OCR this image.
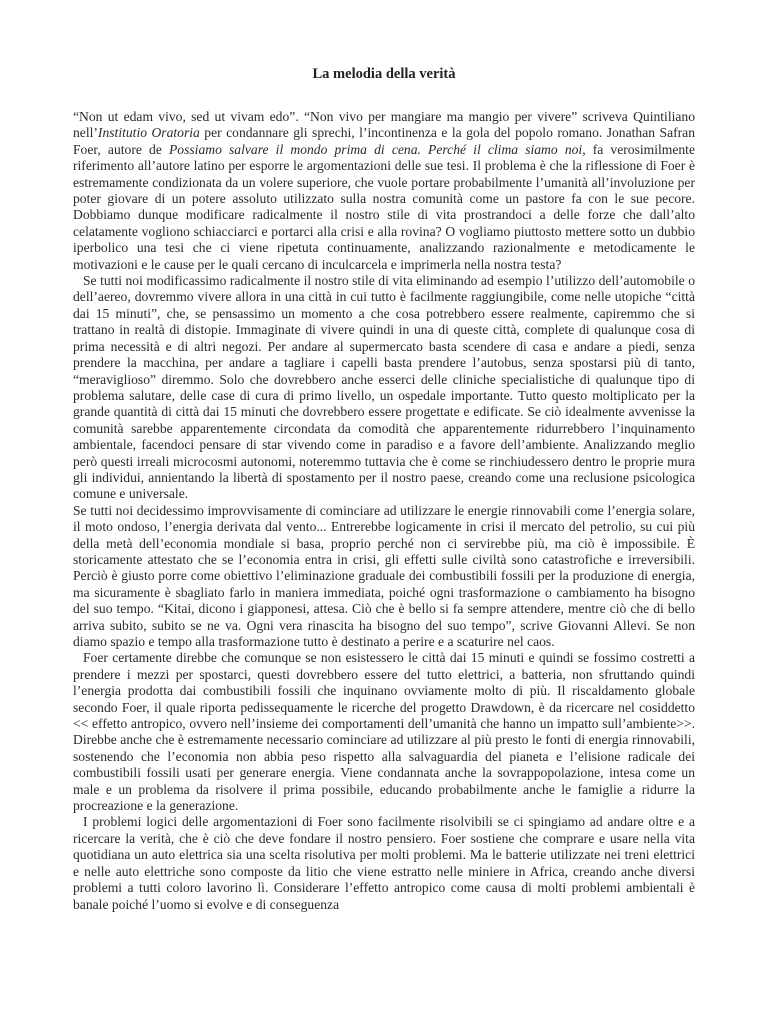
La melodia della verità

“Non ut edam vivo, sed ut vivam edo”. “Non vivo per mangiare ma mangio per vivere” scriveva Quintiliano nell’Institutio Oratoria per condannare gli sprechi, l’incontinenza e la gola del popolo romano. Jonathan Safran Foer, autore de Possiamo salvare il mondo prima di cena. Perché il clima siamo noi, fa verosimilmente riferimento all’autore latino per esporre le argomentazioni delle sue tesi. Il problema è che la riflessione di Foer è estremamente condizionata da un volere superiore, che vuole portare probabilmente l’umanità all’involuzione per poter giovare di un potere assoluto utilizzato sulla nostra comunità come un pastore fa con le sue pecore. Dobbiamo dunque modificare radicalmente il nostro stile di vita prostrandoci a delle forze che dall’alto celatamente vogliono schiacciarci e portarci alla crisi e alla rovina? O vogliamo piuttosto mettere sotto un dubbio iperbolico una tesi che ci viene ripetuta continuamente, analizzando razionalmente e metodicamente le motivazioni e le cause per le quali cercano di inculcarcela e imprimerla nella nostra testa?

Se tutti noi modificassimo radicalmente il nostro stile di vita eliminando ad esempio l’utilizzo dell’automobile o dell’aereo, dovremmo vivere allora in una città in cui tutto è facilmente raggiungibile, come nelle utopiche “città dai 15 minuti”, che, se pensassimo un momento a che cosa potrebbero essere realmente, capiremmo che si trattano in realtà di distopie. Immaginate di vivere quindi in una di queste città, complete di qualunque cosa di prima necessità e di altri negozi. Per andare al supermercato basta scendere di casa e andare a piedi, senza prendere la macchina, per andare a tagliare i capelli basta prendere l’autobus, senza spostarsi più di tanto, “meraviglioso” diremmo. Solo che dovrebbero anche esserci delle cliniche specialistiche di qualunque tipo di problema salutare, delle case di cura di primo livello, un ospedale importante. Tutto questo moltiplicato per la grande quantità di città dai 15 minuti che dovrebbero essere progettate e edificate. Se ciò idealmente avvenisse la comunità sarebbe apparentemente circondata da comodità che apparentemente ridurrebbero l’inquinamento ambientale, facendoci pensare di star vivendo come in paradiso e a favore dell’ambiente. Analizzando meglio però questi irreali microcosmi autonomi, noteremmo tuttavia che è come se rinchiudessero dentro le proprie mura gli individui, annientando la libertà di spostamento per il nostro paese, creando come una reclusione psicologica comune e universale.

Se tutti noi decidessimo improvvisamente di cominciare ad utilizzare le energie rinnovabili come l’energia solare, il moto ondoso, l’energia derivata dal vento... Entrerebbe logicamente in crisi il mercato del petrolio, su cui più della metà dell’economia mondiale si basa, proprio perché non ci servirebbe più, ma ciò è impossibile. È storicamente attestato che se l’economia entra in crisi, gli effetti sulle civiltà sono catastrofiche e irreversibili. Perciò è giusto porre come obiettivo l’eliminazione graduale dei combustibili fossili per la produzione di energia, ma sicuramente è sbagliato farlo in maniera immediata, poiché ogni trasformazione o cambiamento ha bisogno del suo tempo. “Kitai, dicono i giapponesi, attesa. Ciò che è bello si fa sempre attendere, mentre ciò che di bello arriva subito, subito se ne va. Ogni vera rinascita ha bisogno del suo tempo”, scrive Giovanni Allevi. Se non diamo spazio e tempo alla trasformazione tutto è destinato a perire e a scaturire nel caos.

Foer certamente direbbe che comunque se non esistessero le città dai 15 minuti e quindi se fossimo costretti a prendere i mezzi per spostarci, questi dovrebbero essere del tutto elettrici, a batteria, non sfruttando quindi l’energia prodotta dai combustibili fossili che inquinano ovviamente molto di più. Il riscaldamento globale secondo Foer, il quale riporta pedissequamente le ricerche del progetto Drawdown, è da ricercare nel cosiddetto << effetto antropico, ovvero nell’insieme dei comportamenti dell’umanità che hanno un impatto sull’ambiente>>. Direbbe anche che è estremamente necessario cominciare ad utilizzare al più presto le fonti di energia rinnovabili, sostenendo che l’economia non abbia peso rispetto alla salvaguardia del pianeta e l’elisione radicale dei combustibili fossili usati per generare energia. Viene condannata anche la sovrappopolazione, intesa come un male e un problema da risolvere il prima possibile, educando probabilmente anche le famiglie a ridurre la procreazione e la generazione.

I problemi logici delle argomentazioni di Foer sono facilmente risolvibili se ci spingiamo ad andare oltre e a ricercare la verità, che è ciò che deve fondare il nostro pensiero. Foer sostiene che comprare e usare nella vita quotidiana un auto elettrica sia una scelta risolutiva per molti problemi. Ma le batterie utilizzate nei treni elettrici e nelle auto elettriche sono composte da litio che viene estratto nelle miniere in Africa, creando anche diversi problemi a tutti coloro lavorino lì. Considerare l’effetto antropico come causa di molti problemi ambientali è banale poiché l’uomo si evolve e di conseguenza
